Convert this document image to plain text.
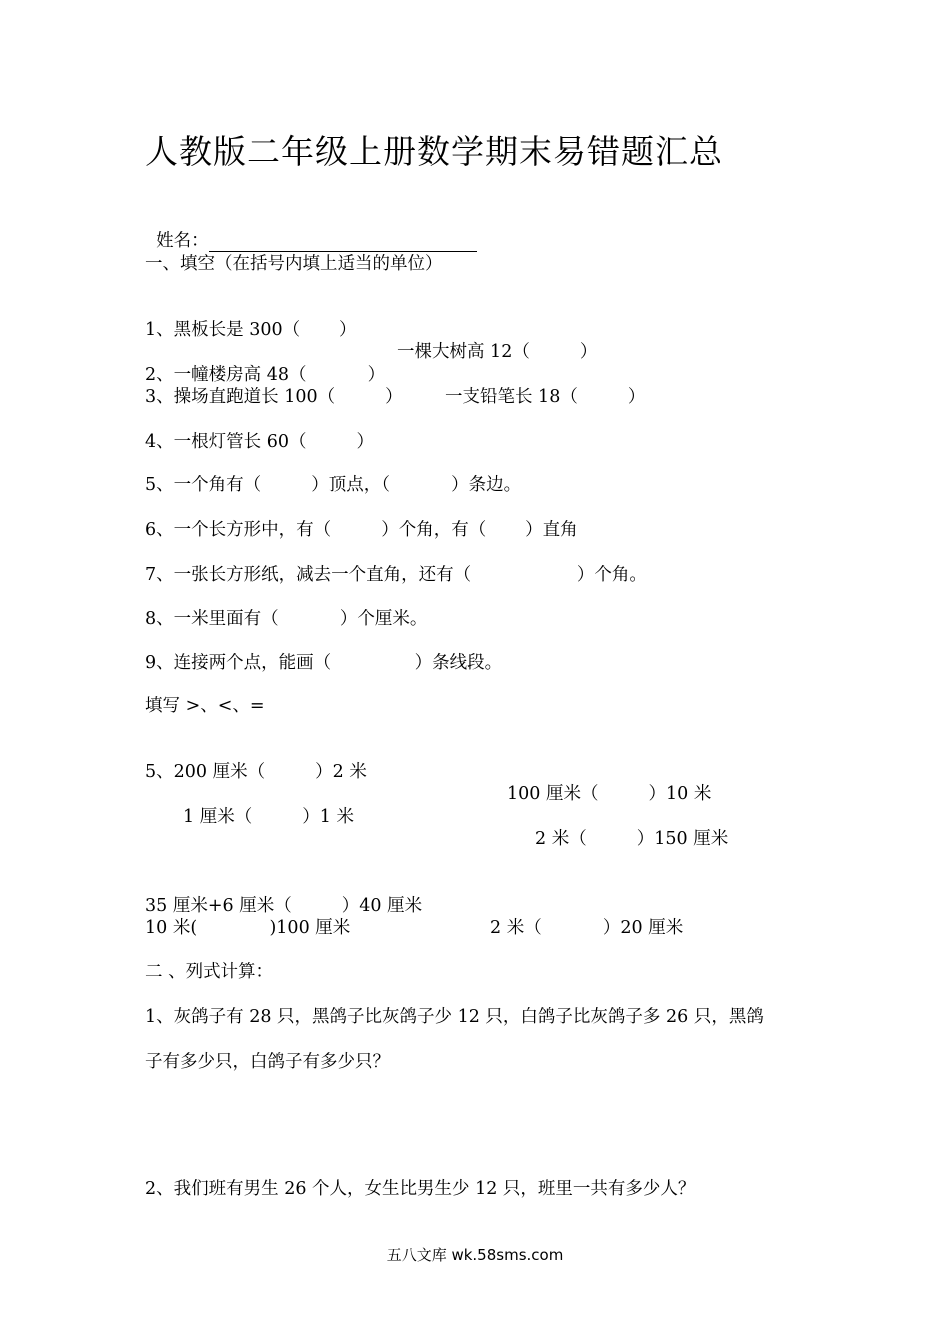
人教版二年级上册数学期末易错题汇总

姓名：

一、填空（在括号内填上适当的单位）

1、黑板长是 300（       ）

一棵大树高 12（         ）

2、一幢楼房高 48（           ）

一支铅笔长 18（         ）

3、操场直跑道长 100（         ）
4、一根灯管长 60（         ）
5、一个角有（         ）顶点，（           ）条边。
6、一个长方形中，有（         ）个角，有（       ）直角
7、一张长方形纸，减去一个直角，还有（                   ）个角。
8、一米里面有（           ）个厘米。
9、连接两个点，能画（               ）条线段。
填写 >、<、=

5、200 厘米（         ）2 米

100 厘米（         ）10 米

1 厘米（         ）1 米

2 米（         ）150 厘米

35 厘米+6 厘米（         ）40 厘米

2 米（           ）20 厘米

10 米(             )100 厘米
二 、列式计算：
1、灰鸽子有 28 只，黑鸽子比灰鸽子少 12 只，白鸽子比灰鸽子多 26 只，黑鸽
子有多少只，白鸽子有多少只？
2、我们班有男生 26 个人，女生比男生少 12 只，班里一共有多少人？
五八文库 wk.58sms.com
